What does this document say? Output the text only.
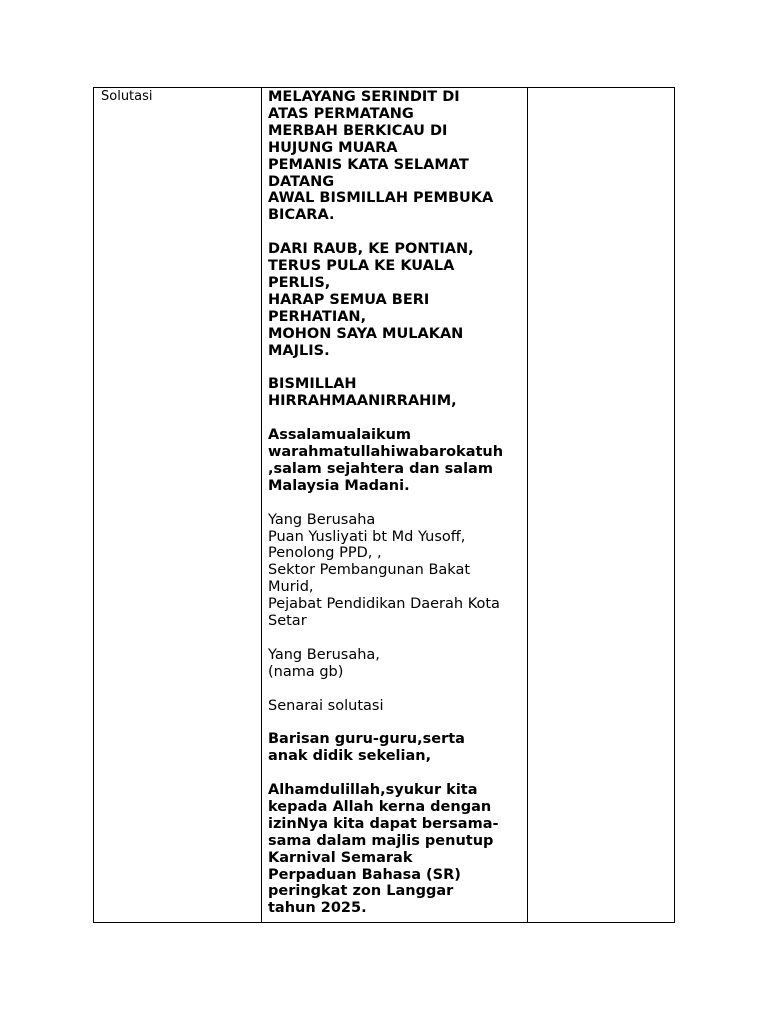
Solutasi	MELAYANG SERINDIT DI
ATAS PERMATANG
MERBAH BERKICAU DI
HUJUNG MUARA
PEMANIS KATA SELAMAT
DATANG
AWAL BISMILLAH PEMBUKA
BICARA.

DARI RAUB, KE PONTIAN,
TERUS PULA KE KUALA
PERLIS,
HARAP SEMUA BERI
PERHATIAN,
MOHON SAYA MULAKAN
MAJLIS.

BISMILLAH
HIRRAHMAANIRRAHIM,

Assalamualaikum
warahmatullahiwabarokatuh
,salam sejahtera dan salam
Malaysia Madani.

Yang Berusaha
Puan Yusliyati bt Md Yusoff,
Penolong PPD, ,
Sektor Pembangunan Bakat
Murid,
Pejabat Pendidikan Daerah Kota
Setar

Yang Berusaha,
(nama gb)

Senarai solutasi

Barisan guru-guru,serta
anak didik sekelian,

Alhamdulillah,syukur kita
kepada Allah kerna dengan
izinNya kita dapat bersama-
sama dalam majlis penutup
Karnival Semarak
Perpaduan Bahasa (SR)
peringkat zon Langgar
tahun 2025.
